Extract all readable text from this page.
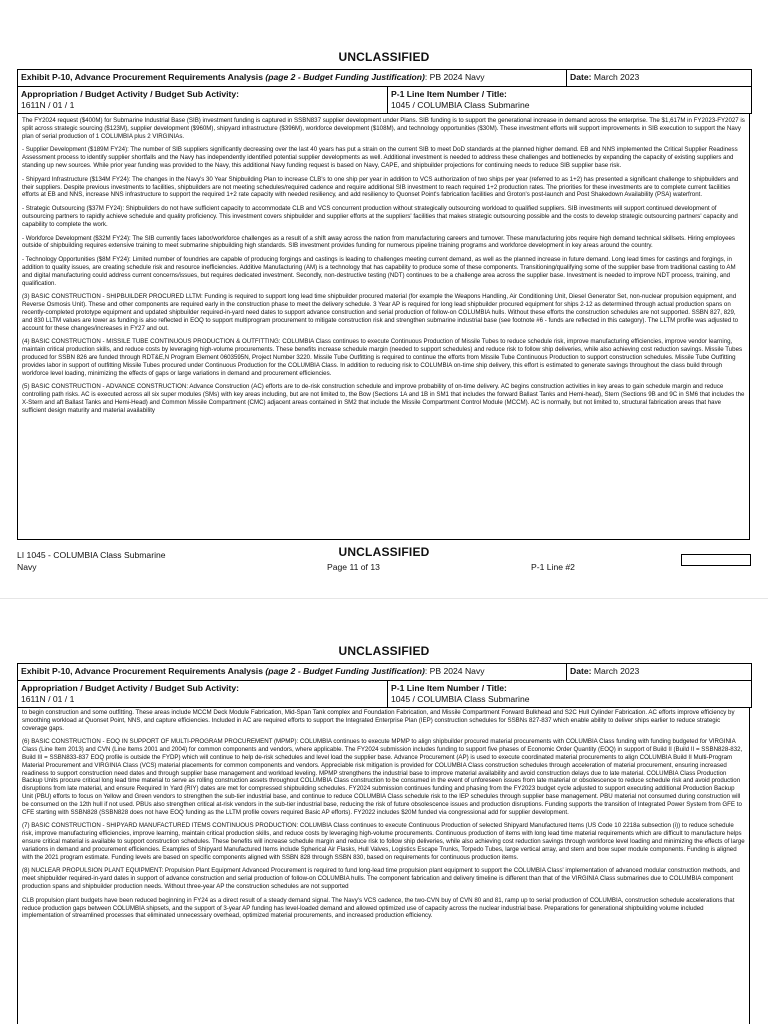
UNCLASSIFIED
Exhibit P-10, Advance Procurement Requirements Analysis (page 2 - Budget Funding Justification): PB 2024 Navy	Date: March 2023
Appropriation / Budget Activity / Budget Sub Activity:
1611N / 01 / 1
P-1 Line Item Number / Title:
1045 / COLUMBIA Class Submarine

The FY2024 request ($400M) for Submarine Industrial Base (SIB) investment funding is captured in SSBN837 supplier development under Plans. SIB funding is to support the generational increase in demand across the enterprise. The $1,617M in FY2023-FY2027 is split across strategic sourcing ($123M), supplier development ($960M), shipyard infrastructure ($396M), workforce development ($108M), and technology opportunities ($30M). These investment efforts will support improvements in SIB execution to support the Navy plan of serial production of 1 COLUMBIA plus 2 VIRGINIAs.

- Supplier Development ($189M FY24): The number of SIB suppliers significantly decreasing over the last 40 years has put a strain on the current SIB to meet DoD standards at the planned higher demand. EB and NNS implemented the Critical Supplier Readiness Assessment process to identify supplier shortfalls and the Navy has independently identified potential supplier developments as well. Additional investment is needed to address these challenges and bottlenecks by expanding the capacity of existing suppliers and standing up new sources. While prior year funding was provided to the Navy, this additional Navy funding request is based on Navy, CAPE, and shipbuilder projections for continuing needs to reduce SIB supplier base risk.

- Shipyard Infrastructure ($134M FY24): The changes in the Navy's 30 Year Shipbuilding Plan to increase CLB's to one ship per year in addition to VCS authorization of two ships per year (referred to as 1+2) has presented a significant challenge to shipbuilders and their suppliers. Despite previous investments to facilities, shipbuilders are not meeting schedules/required cadence and require additional SIB investment to reach required 1+2 production rates. The priorities for these investments are to complete current facilities efforts at EB and NNS, increase NNS infrastructure to support the required 1+2 rate capacity with needed resiliency, and add resiliency to Quonset Point's fabrication facilities and Groton's post-launch and Post Shakedown Availability (PSA) waterfront.

- Strategic Outsourcing ($37M FY24): Shipbuilders do not have sufficient capacity to accommodate CLB and VCS concurrent production without strategically outsourcing workload to qualified suppliers. SIB investments will support continued development of outsourcing partners to rapidly achieve schedule and quality proficiency. This investment covers shipbuilder and supplier efforts at the suppliers' facilities that makes strategic outsourcing possible and the costs to develop strategic outsourcing partners' capacity and capability to complete the work.

- Workforce Development ($32M FY24): The SIB currently faces labor/workforce challenges as a result of a shift away across the nation from manufacturing careers and turnover. These manufacturing jobs require high demand technical skillsets. Hiring employees outside of shipbuilding requires extensive training to meet submarine shipbuilding high standards. SIB investment provides funding for numerous pipeline training programs and workforce development in key areas around the country.

- Technology Opportunities ($8M FY24): Limited number of foundries are capable of producing forgings and castings is leading to challenges meeting current demand, as well as the planned increase in future demand. Long lead times for castings and forgings, in addition to quality issues, are creating schedule risk and resource inefficiencies. Additive Manufacturing (AM) is a technology that has capability to produce some of these components. Transitioning/qualifying some of the supplier base from traditional casting to AM and digital manufacturing could address current concerns/issues, but requires dedicated investment. Secondly, non-destructive testing (NDT) continues to be a challenge area across the supplier base. Investment is needed to improve NDT process, training, and qualification.

(3) BASIC CONSTRUCTION - SHIPBUILDER PROCURED LLTM: Funding is required to support long lead time shipbuilder procured material (for example the Weapons Handling, Air Conditioning Unit, Diesel Generator Set, non-nuclear propulsion equipment, and Reverse Osmosis Unit). These and other components are required early in the construction phase to meet the delivery schedule. 3 Year AP is required for long lead shipbuilder procured equipment for ships 2-12 as determined through actual production spans on recently-completed prototype equipment and updated shipbuilder required-in-yard need dates to support advance construction and serial production of follow-on COLUMBIA hulls. Without these efforts the construction schedules are not supported. SSBN 827, 829, and 830 LLTM values are lower as funding is also reflected in EOQ to support multiprogram procurement to mitigate construction risk and strengthen submarine industrial base (see footnote #6 - funds are reflected in this category). The LLTM profile was adjusted to account for these changes/increases in FY27 and out.

(4) BASIC CONSTRUCTION - MISSILE TUBE CONTINUOUS PRODUCTION & OUTFITTING: COLUMBIA Class continues to execute Continuous Production of Missile Tubes to reduce schedule risk, improve manufacturing efficiencies, improve vendor learning, maintain critical production skills, and reduce costs by leveraging high-volume procurements. These benefits increase schedule margin (needed to support schedules) and reduce risk to follow ship deliveries, while also achieving cost reduction savings. Missile Tubes produced for SSBN 826 are funded through RDT&E,N Program Element 0603595N, Project Number 3220. Missile Tube Outfitting is required to continue the efforts from Missile Tube Continuous Production to support construction schedules. Missile Tube Outfitting provides labor in support of outfitting Missile Tubes procured under Continuous Production for the COLUMBIA Class. In addition to reducing risk to COLUMBIA on-time ship delivery, this effort is estimated to generate savings throughout the class build through workforce level loading, minimizing the effects of gaps or large variations in demand and procurement efficiencies.

(5) BASIC CONSTRUCTION - ADVANCE CONSTRUCTION: Advance Construction (AC) efforts are to de-risk construction schedule and improve probability of on-time delivery. AC begins construction activities in key areas to gain schedule margin and reduce controlling path risks. AC is executed across all six super modules (SMs) with key areas including, but are not limited to, the Bow (Sections 1A and 1B in SM1 that includes the forward Ballast Tanks and Hemi-head), Stern (Sections 9B and 9C in SM6 that includes the X-Stern and aft Ballast Tanks and Hemi-Head) and Common Missile Compartment (CMC) adjacent areas contained in SM2 that include the Missile Compartment Control Module (MCCM). AC is normally, but not limited to, structural fabrication areas that have sufficient design maturity and material availability

UNCLASSIFIED
LI 1045 - COLUMBIA Class Submarine
Navy	Page 11 of 13	P-1 Line #2
UNCLASSIFIED
Exhibit P-10, Advance Procurement Requirements Analysis (page 2 - Budget Funding Justification): PB 2024 Navy	Date: March 2023
Appropriation / Budget Activity / Budget Sub Activity:
1611N / 01 / 1
P-1 Line Item Number / Title:
1045 / COLUMBIA Class Submarine

to begin construction and some outfitting. These areas include MCCM Deck Module Fabrication, Mid-Span Tank complex and Foundation Fabrication, and Missile Compartment Forward Bulkhead and S2C Hull Cylinder Fabrication. AC efforts improve efficiency by smoothing workload at Quonset Point, NNS, and capture efficiencies. Included in AC are required efforts to support the Integrated Enterprise Plan (IEP) construction schedules for SSBNs 827-837 which enable ability to deliver ships earlier to reduce strategic coverage gaps.

(6) BASIC CONSTRUCTION - EOQ IN SUPPORT OF MULTI-PROGRAM PROCUREMENT (MPMP): COLUMBIA continues to execute MPMP to align shipbuilder procured material procurements with COLUMBIA Class funding with funding budgeted for VIRGINIA Class (Line Item 2013) and CVN (Line Items 2001 and 2004) for common components and vendors, where applicable. The FY2024 submission includes funding to support five phases of Economic Order Quantity (EOQ) in support of Build II (Build II = SSBN828-832, Build III = SSBN833-837 EOQ profile is outside the FYDP) which will continue to help de-risk schedules and level load the supplier base. Advance Procurement (AP) is used to execute coordinated material procurements to align COLUMBIA Build II Multi-Program Material Procurement and VIRGINIA Class (VCS) material placements for common components and vendors. Appreciable risk mitigation is provided for COLUMBIA Class construction schedules through acceleration of material procurement, ensuring increased readiness to support construction need dates and through supplier base management and workload leveling. MPMP strengthens the industrial base to improve material availability and avoid construction delays due to late material. COLUMBIA Class Production Backup Units procure critical long lead time material to serve as rolling construction assets throughout COLUMBIA Class construction to be consumed in the event of unforeseen issues from late material or obsolescence to reduce schedule risk and avoid production disruptions from late material, and ensure Required In Yard (RIY) dates are met for compressed shipbuilding schedules. FY2024 submission continues funding and phasing from the FY2023 budget cycle adjusted to support executing additional Production Backup Unit (PBU) efforts to focus on Yellow and Green vendors to strengthen the sub-tier industrial base, and continue to reduce COLUMBIA Class schedule risk to the IEP schedules through supplier base management. PBU material not consumed during construction will be consumed on the 12th hull if not used. PBUs also strengthen critical at-risk vendors in the sub-tier industrial base, reducing the risk of future obsolescence issues and production disruptions. Funding supports the transition of Integrated Power System from GFE to CFE starting with SSBN828 (SSBN828 does not have EOQ funding as the LLTM profile covers required Basic AP efforts). FY2022 includes $20M funded via congressional add for supplier development.

(7) BASIC CONSTRUCTION - SHIPYARD MANUFACTURED ITEMS CONTINUOUS PRODUCTION: COLUMBIA Class continues to execute Continuous Production of selected Shipyard Manufactured Items (US Code 10 2218a subsection (i)) to reduce schedule risk, improve manufacturing efficiencies, improve learning, maintain critical production skills, and reduce costs by leveraging high-volume procurements. Continuous production of items with long lead time material requirements which are difficult to manufacture helps ensure critical material is available to support construction schedules. These benefits will increase schedule margin and reduce risk to follow ship deliveries, while also achieving cost reduction savings through workforce level loading and minimizing the effects of large variations in demand and procurement efficiencies. Examples of Shipyard Manufactured Items include Spherical Air Flasks, Hull Valves, Logistics Escape Trunks, Torpedo Tubes, large vertical array, and stern and bow super module components. Funding is aligned with the 2021 program estimate. Funding levels are based on specific components aligned with SSBN 828 through SSBN 830, based on requirements for continuous production items.

(8) NUCLEAR PROPULSION PLANT EQUIPMENT: Propulsion Plant Equipment Advanced Procurement is required to fund long-lead time propulsion plant equipment to support the COLUMBIA Class' implementation of advanced modular construction methods, and meet shipbuilder required-in-yard dates in support of advance construction and serial production of follow-on COLUMBIA hulls. The component fabrication and delivery timeline is different than that of the VIRGINIA Class submarines due to COLUMBIA component production spans and shipbuilder production needs. Without three-year AP the construction schedules are not supported

CLB propulsion plant budgets have been reduced beginning in FY24 as a direct result of a steady demand signal. The Navy's VCS cadence, the two-CVN buy of CVN 80 and 81, ramp up to serial production of COLUMBIA, construction schedule accelerations that reduce production gaps between COLUMBIA shipsets, and the support of 3-year AP funding has level-loaded demand and allowed optimized use of capacity across the nuclear industrial base. Preparations for generational shipbuilding volume included implementation of streamlined processes that eliminated unnecessary overhead, optimized material procurements, and increased production efficiency.
